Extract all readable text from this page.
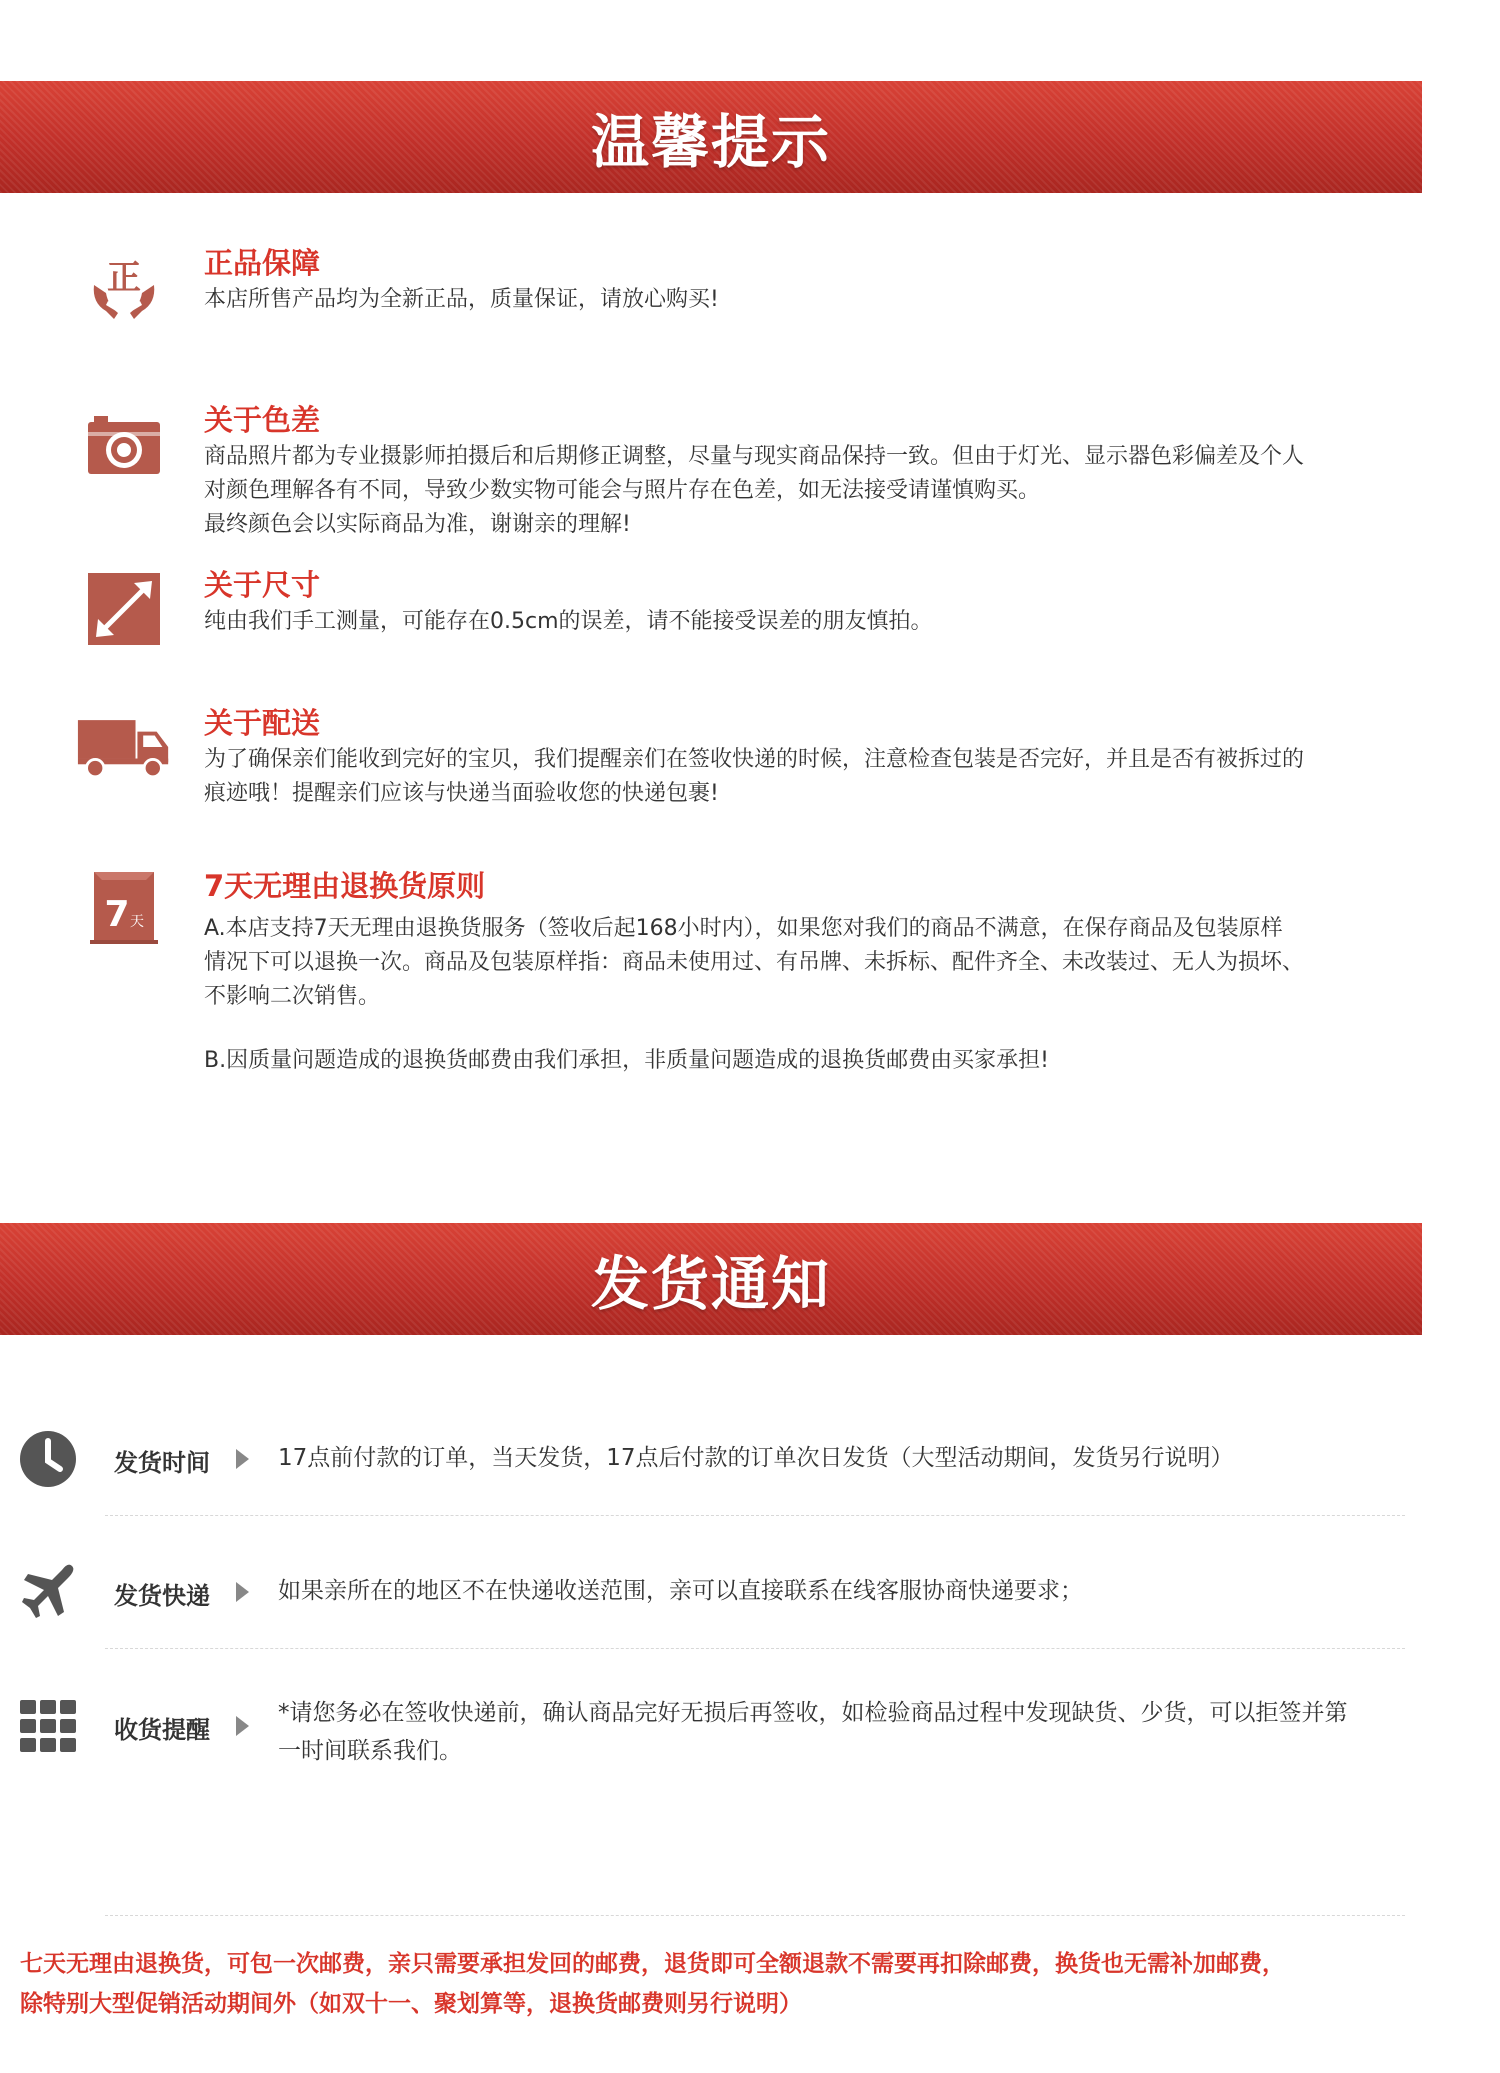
温馨提示
正 正品保障

本店所售产品均为全新正品，质量保证，请放心购买!

关于色差

商品照片都为专业摄影师拍摄后和后期修正调整，尽量与现实商品保持一致。但由于灯光、显示器色彩偏差及个人

对颜色理解各有不同，导致少数实物可能会与照片存在色差，如无法接受请谨慎购买。

最终颜色会以实际商品为准，谢谢亲的理解!

关于尺寸

纯由我们手工测量，可能存在0.5cm的误差，请不能接受误差的朋友慎拍。

关于配送

为了确保亲们能收到完好的宝贝，我们提醒亲们在签收快递的时候，注意检查包装是否完好，并且是否有被拆过的

痕迹哦！提醒亲们应该与快递当面验收您的快递包裹!

7 天
7天无理由退换货原则

A.本店支持7天无理由退换货服务（签收后起168小时内），如果您对我们的商品不满意，在保存商品及包装原样

情况下可以退换一次。商品及包装原样指：商品未使用过、有吊牌、未拆标、配件齐全、未改装过、无人为损坏、

不影响二次销售。

B.因质量问题造成的退换货邮费由我们承担，非质量问题造成的退换货邮费由买家承担!

发货通知
发货时间	17点前付款的订单，当天发货，17点后付款的订单次日发货（大型活动期间，发货另行说明）
发货快递	如果亲所在的地区不在快递收送范围，亲可以直接联系在线客服协商快递要求；
收货提醒
*请您务必在签收快递前，确认商品完好无损后再签收，如检验商品过程中发现缺货、少货，可以拒签并第一时间联系我们。

七天无理由退换货，可包一次邮费，亲只需要承担发回的邮费，退货即可全额退款不需要再扣除邮费，换货也无需补加邮费，

除特别大型促销活动期间外（如双十一、聚划算等，退换货邮费则另行说明）
